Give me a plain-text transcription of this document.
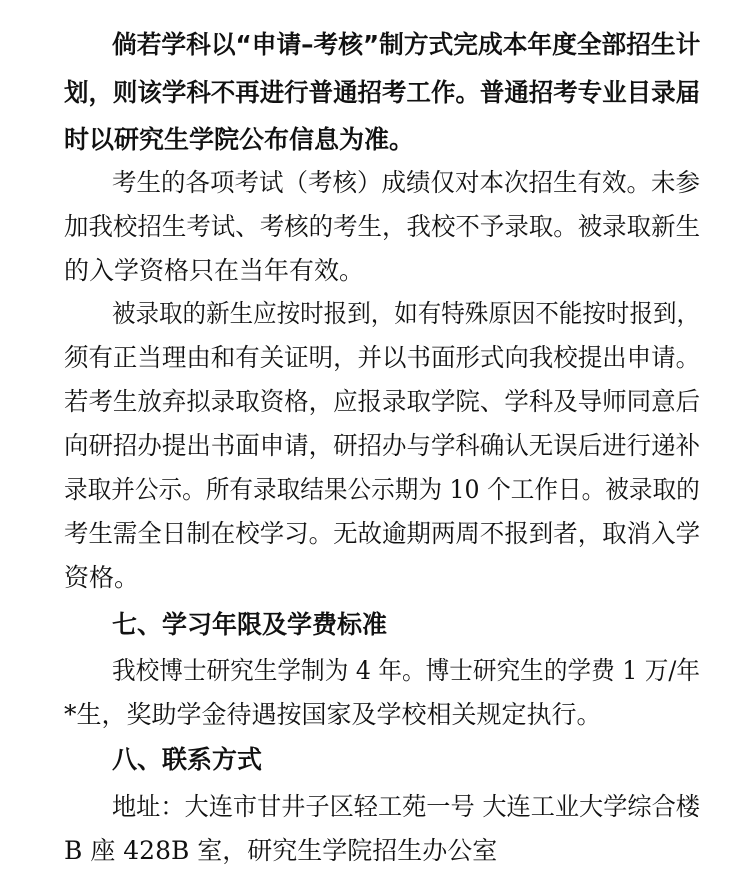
倘若学科以“申请–考核”制方式完成本年度全部招生计
划，则该学科不再进行普通招考工作。普通招考专业目录届
时以研究生学院公布信息为准。
考生的各项考试（考核）成绩仅对本次招生有效。未参
加我校招生考试、考核的考生，我校不予录取。被录取新生
的入学资格只在当年有效。
被录取的新生应按时报到，如有特殊原因不能按时报到，
须有正当理由和有关证明，并以书面形式向我校提出申请。
若考生放弃拟录取资格，应报录取学院、学科及导师同意后
向研招办提出书面申请，研招办与学科确认无误后进行递补
录取并公示。所有录取结果公示期为 10 个工作日。被录取的
考生需全日制在校学习。无故逾期两周不报到者，取消入学
资格。
七、学习年限及学费标准
我校博士研究生学制为 4 年。博士研究生的学费 1 万/年
*生，奖助学金待遇按国家及学校相关规定执行。
八、联系方式
地址：大连市甘井子区轻工苑一号 大连工业大学综合楼
B 座 428B 室，研究生学院招生办公室
